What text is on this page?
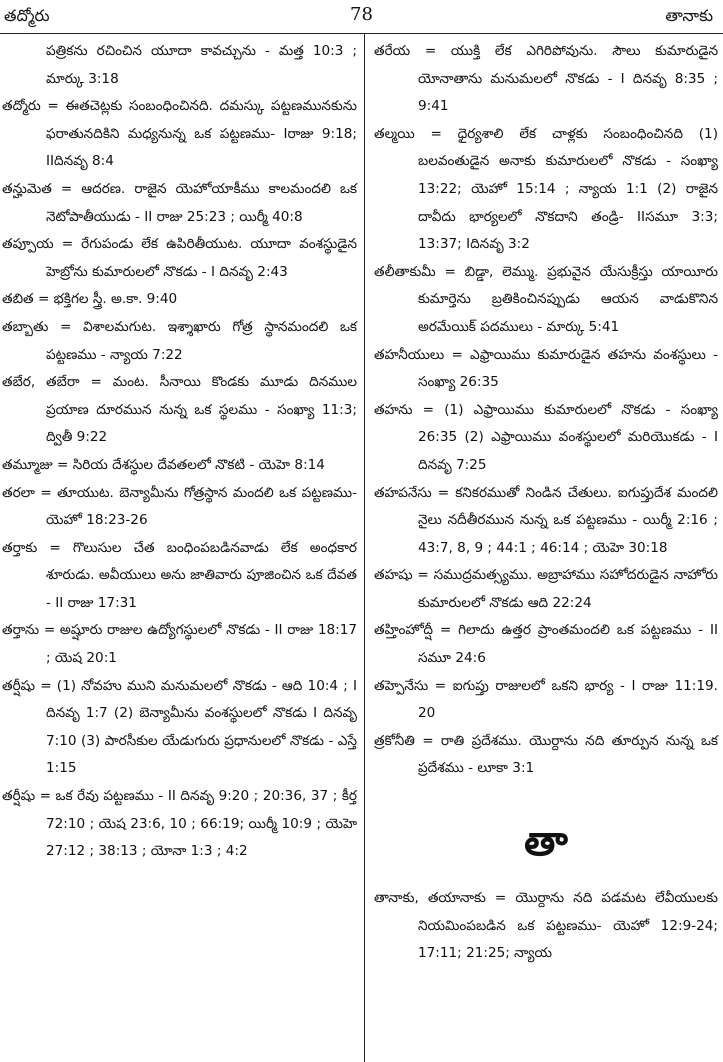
తద్మోరు	78	తానాకు

పత్రికను రచించిన యూదా కావచ్చును - మత్త 10:3 ; మార్కు 3:18

తద్మోరు = ఈతచెట్లకు సంబంధించినది. దమస్కు పట్టణమునకును ఫరాతునదికిని మధ్యనున్న ఒక పట్టణము- Iరాజు 9:18; IIదినవృ 8:4

తన్హుమెత = ఆదరణ. రాజైన యెహోయాకీము కాలమందలి ఒక నెటోపాతీయుడు - II రాజు 25:23 ; యిర్మీ 40:8

తప్పూయ = రేగుపండు లేక ఉపిరితీయుట. యూదా వంశస్థుడైన హెబ్రోను కుమారులలో నొకడు - I దినవృ 2:43

తబిత = భక్తిగల స్త్రీ. అ.కా. 9:40

తబ్బాతు = విశాలమగుట. ఇశ్శాఖారు గోత్ర స్థానమందలి ఒక పట్టణము - న్యాయ 7:22

తబేర, తబేరా = మంట. సీనాయి కొండకు మూడు దినముల ప్రయాణ దూరమున నున్న ఒక స్థలము - సంఖ్యా 11:3; ద్వితీ 9:22

తమ్మూజు = సిరియ దేశస్థుల దేవతలలో నొకటి - యెహె 8:14

తరలా = తూయుట. బెన్యామీను గోత్రస్థాన మందలి ఒక పట్టణము- యెహో 18:23-26

తర్తాకు = గొలుసుల చేత బంధింపబడినవాడు లేక అంధకార శూరుడు. అవీయులు అను జాతివారు పూజించిన ఒక దేవత - II రాజు 17:31

తర్తాను = అష్షూరు రాజుల ఉద్యోగస్థులలో నొకడు - II రాజు 18:17 ; యెష 20:1

తర్షీషు = (1) నోవహు ముని మనుమలలో నొకడు - ఆది 10:4 ; I దినవృ 1:7 (2) బెన్యామీను వంశస్థులలో నొకడు I దినవృ 7:10 (3) పారసీకుల యేడుగురు ప్రధానులలో నొకడు - ఎస్తే 1:15

తర్షీషు = ఒక రేవు పట్టణము - II దినవృ 9:20 ; 20:36, 37 ; కీర్త 72:10 ; యెష 23:6, 10 ; 66:19; యిర్మీ 10:9 ; యెహె 27:12 ; 38:13 ; యోనా 1:3 ; 4:2

తరేయ = యుక్తి లేక ఎగిరిపోవును. సౌలు కుమారుడైన యోనాతాను మనుమలలో నొకడు - I దినవృ 8:35 ; 9:41

తల్మయి = ధైర్యశాలి లేక చాళ్లకు సంబంధించినది (1) బలవంతుడైన అనాకు కుమారులలో నొకడు - సంఖ్యా 13:22; యెహో 15:14 ; న్యాయ 1:1 (2) రాజైన దావీదు భార్యలలో నొకదాని తండ్రి- IIసమూ 3:3; 13:37; Iదినవృ 3:2

తలీతాకుమీ = బిడ్డా, లెమ్ము. ప్రభువైన యేసుక్రీస్తు యాయీరు కుమార్తెను బ్రతికించినప్పుడు ఆయన వాడుకొనిన అరమేయిక్ పదములు - మార్కు 5:41

తహనీయులు = ఎఫ్రాయిము కుమారుడైన తహను వంశస్థులు - సంఖ్యా 26:35

తహను = (1) ఎఫ్రాయిము కుమారులలో నొకడు - సంఖ్యా 26:35 (2) ఎఫ్రాయిము వంశస్థులలో మరియొకడు - I దినవృ 7:25

తహపనేసు = కనికరముతో నిండిన చేతులు. ఐగుప్తుదేశ మందలి నైలు నదీతీరమున నున్న ఒక పట్టణము - యిర్మీ 2:16 ; 43:7, 8, 9 ; 44:1 ; 46:14 ; యెహె 30:18

తహషు = సముద్రమత్స్యము. అబ్రాహాము సహోదరుడైన నాహోరు కుమారులలో నొకడు ఆది 22:24

తహ్తింహోద్షీ = గిలాదు ఉత్తర ప్రాంతమందలి ఒక పట్టణము - II సమూ 24:6

తహ్పెనేసు = ఐగుప్తు రాజులలో ఒకని భార్య - I రాజు 11:19. 20

త్రకోనీతి = రాతి ప్రదేశము. యొర్దాను నది తూర్పున నున్న ఒక ప్రదేశము - లూకా 3:1

తా

తానాకు, తయానాకు = యొర్దాను నది పడమట లేవీయులకు నియమింపబడిన ఒక పట్టణము- యెహో 12:9-24; 17:11; 21:25; న్యాయ
